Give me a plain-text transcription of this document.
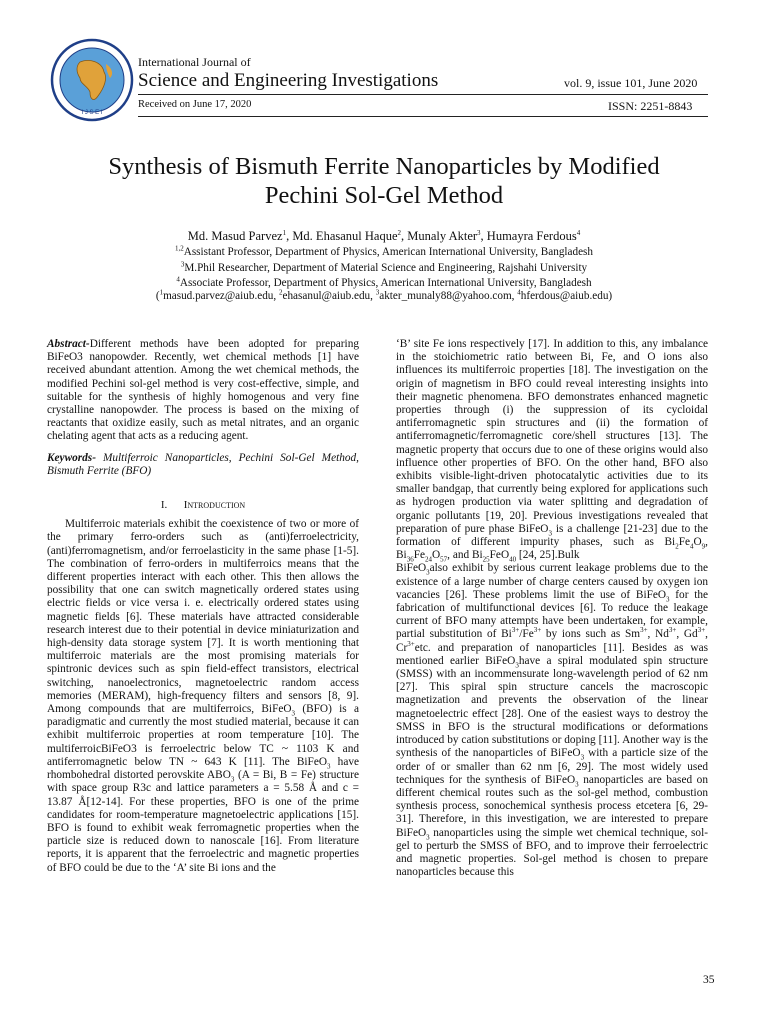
I J S E I
International Journal of
Science and Engineering Investigations	vol. 9, issue 101, June 2020
Received on June 17, 2020	ISSN: 2251-8843
Synthesis of Bismuth Ferrite Nanoparticles by Modified
Pechini Sol-Gel Method
Md. Masud Parvez$^1$, Md. Ehasanul Haque$^2$, Munaly Akter$^3$, Humayra Ferdous$^4$
$^{1,2}$Assistant Professor, Department of Physics, American International University, Bangladesh
$^3$M.Phil Researcher, Department of Material Science and Engineering, Rajshahi University
$^4$Associate Professor, Department of Physics, American International University, Bangladesh
($^1$masud.parvez@aiub.edu, $^2$ehasanul@aiub.edu, $^3$akter_munaly88@yahoo.com, $^4$hferdous@aiub.edu)

Abstract-Different methods have been adopted for preparing BiFeO3 nanopowder. Recently, wet chemical methods [1] have received abundant attention. Among the wet chemical methods, the modified Pechini sol-gel method is very cost-effective, simple, and suitable for the synthesis of highly homogenous and very fine crystalline nanopowder. The process is based on the mixing of reactants that oxidize easily, such as metal nitrates, and an organic chelating agent that acts as a reducing agent.

Keywords- Multiferroic Nanoparticles, Pechini Sol-Gel Method, Bismuth Ferrite (BFO)

I. Introduction

Multiferroic materials exhibit the coexistence of two or more of the primary ferro-orders such as (anti)ferroelectricity, (anti)ferromagnetism, and/or ferroelasticity in the same phase [1-5]. The combination of ferro-orders in multiferroics means that the different properties interact with each other. This then allows the possibility that one can switch magnetically ordered states using electric fields or vice versa i. e. electrically ordered states using magnetic fields [6]. These materials have attracted considerable research interest due to their potential in device miniaturization and high-density data storage system [7]. It is worth mentioning that multiferroic materials are the most promising materials for spintronic devices such as spin field-effect transistors, electrical switching, nanoelectronics, magnetoelectric random access memories (MERAM), high-frequency filters and sensors [8, 9]. Among compounds that are multiferroics, BiFeO$_3$ (BFO) is a paradigmatic and currently the most studied material, because it can exhibit multiferroic properties at room temperature [10]. The multiferroicBiFeO3 is ferroelectric below TC ~ 1103 K and antiferromagnetic below TN ~ 643 K [11]. The BiFeO$_3$ have rhombohedral distorted perovskite $ABO_3$ (A = Bi, B = Fe) structure with space group R3c and lattice parameters a = 5.58 Å and c = 13.87 Å[12-14]. For these properties, BFO is one of the prime candidates for room-temperature magnetoelectric applications [15]. BFO is found to exhibit weak ferromagnetic properties when the particle size is reduced down to nanoscale [16]. From literature reports, it is apparent that the ferroelectric and magnetic properties of BFO could be due to the ‘A’ site Bi ions and the

‘B’ site Fe ions respectively [17]. In addition to this, any imbalance in the stoichiometric ratio between Bi, Fe, and O ions also influences its multiferroic properties [18]. The investigation on the origin of magnetism in BFO could reveal interesting insights into their magnetic phenomena. BFO demonstrates enhanced magnetic properties through (i) the suppression of its cycloidal antiferromagnetic spin structures and (ii) the formation of antiferromagnetic/ferromagnetic core/shell structures [13]. The magnetic property that occurs due to one of these origins would also influence other properties of BFO. On the other hand, BFO also exhibits visible-light-driven photocatalytic activities due to its smaller bandgap, that currently being explored for applications such as hydrogen production via water splitting and degradation of organic pollutants [19, 20]. Previous investigations revealed that preparation of pure phase BiFeO$_3$ is a challenge [21-23] due to the formation of different impurity phases, such as $Bi_2Fe_4O_9$, $Bi_{36}Fe_{24}O_{57}$, and $Bi_{25}FeO_{40}$ [24, 25].Bulk

BiFeO$_3$also exhibit by serious current leakage problems due to the existence of a large number of charge centers caused by oxygen ion vacancies [26]. These problems limit the use of BiFeO$_3$ for the fabrication of multifunctional devices [6]. To reduce the leakage current of BFO many attempts have been undertaken, for example, partial substitution of $Bi^{3+}/Fe^{3+}$ by ions such as $Sm^{3+}$, $Nd^{3+}$, $Gd^{3+}$, $Cr^{3+}etc$. and preparation of nanoparticles [11]. Besides as was mentioned earlier BiFeO$_3$have a spiral modulated spin structure (SMSS) with an incommensurate long-wavelength period of 62 nm [27]. This spiral spin structure cancels the macroscopic magnetization and prevents the observation of the linear magnetoelectric effect [28]. One of the easiest ways to destroy the SMSS in BFO is the structural modifications or deformations introduced by cation substitutions or doping [11]. Another way is the synthesis of the nanoparticles of BiFeO$_3$ with a particle size of the order of or smaller than 62 nm [6, 29]. The most widely used techniques for the synthesis of BiFeO$_3$ nanoparticles are based on different chemical routes such as the sol-gel method, combustion synthesis process, sonochemical synthesis process etcetera [6, 29-31]. Therefore, in this investigation, we are interested to prepare BiFeO$_3$ nanoparticles using the simple wet chemical technique, sol-gel to perturb the SMSS of BFO, and to improve their ferroelectric and magnetic properties. Sol-gel method is chosen to prepare nanoparticles because this

35
